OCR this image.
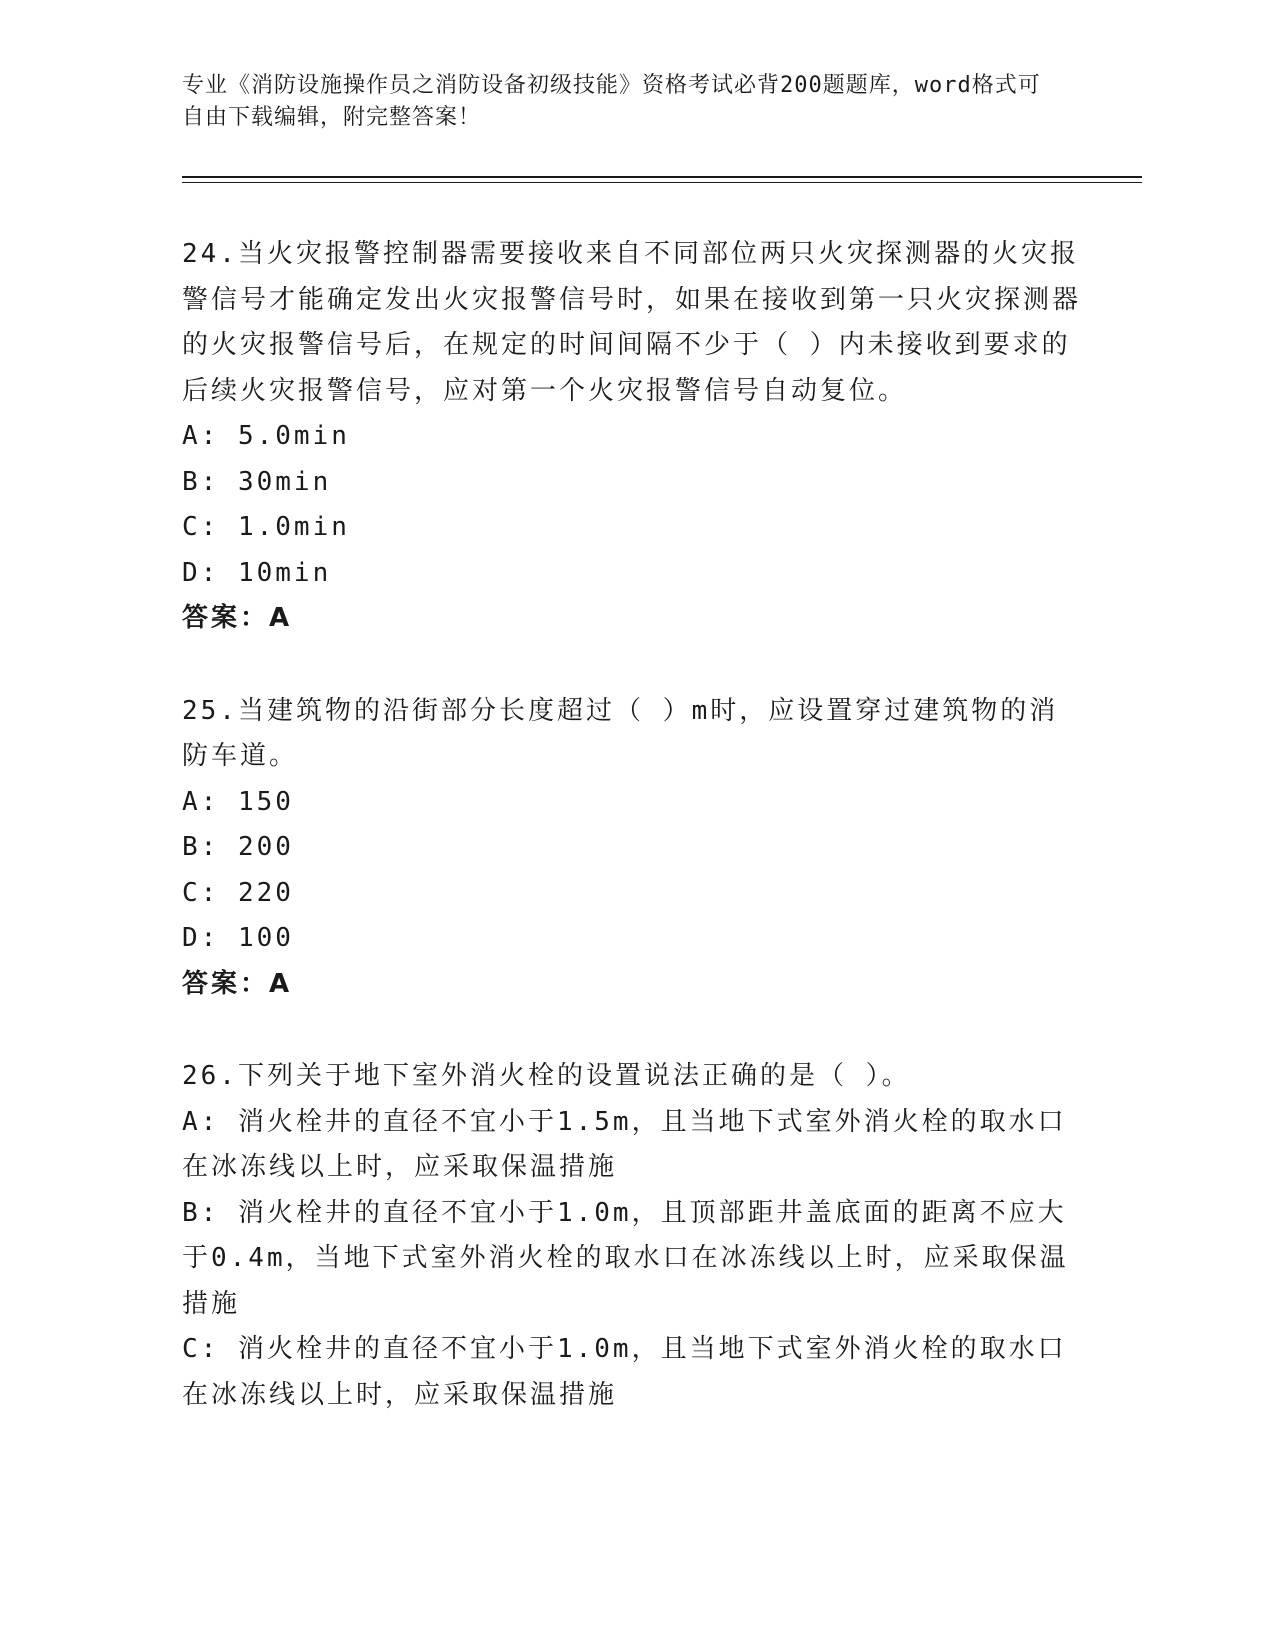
专业《消防设施操作员之消防设备初级技能》资格考试必背200题题库，word格式可自由下载编辑，附完整答案！
24.当火灾报警控制器需要接收来自不同部位两只火灾探测器的火灾报警信号才能确定发出火灾报警信号时，如果在接收到第一只火灾探测器的火灾报警信号后，在规定的时间间隔不少于（ ）内未接收到要求的后续火灾报警信号，应对第一个火灾报警信号自动复位。
A: 5.0min
B: 30min
C: 1.0min
D: 10min
答案：A
25.当建筑物的沿街部分长度超过（ ）m时，应设置穿过建筑物的消防车道。
A: 150
B: 200
C: 220
D: 100
答案：A
26.下列关于地下室外消火栓的设置说法正确的是（ ）。
A: 消火栓井的直径不宜小于1.5m，且当地下式室外消火栓的取水口在冰冻线以上时，应采取保温措施
B: 消火栓井的直径不宜小于1.0m，且顶部距井盖底面的距离不应大于0.4m，当地下式室外消火栓的取水口在冰冻线以上时，应采取保温措施
C: 消火栓井的直径不宜小于1.0m，且当地下式室外消火栓的取水口在冰冻线以上时，应采取保温措施
